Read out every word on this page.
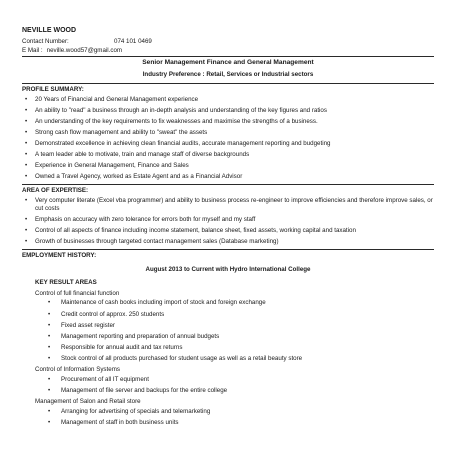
NEVILLE WOOD
Contact Number:	074 101 0469
E Mail : neville.wood57@gmail.com
Senior Management Finance and General Management
Industry Preference : Retail, Services or Industrial sectors
PROFILE SUMMARY:
• 20 Years of Financial and General Management experience
• An ability to "read" a business through an in-depth analysis and understanding of the key figures and ratios
• An understanding of the key requirements to fix weaknesses and maximise the strengths of a business.
• Strong cash flow management and ability to "sweat" the assets
• Demonstrated excellence in achieving clean financial audits, accurate management reporting and budgeting
• A team leader able to motivate, train and manage staff of diverse backgrounds
• Experience in General Management, Finance and Sales
• Owned a Travel Agency, worked as Estate Agent and as a Financial Advisor
AREA OF EXPERTISE:
• Very computer literate (Excel vba programmer) and ability to business process re-engineer to improve efficiencies and therefore improve sales, or cut costs
• Emphasis on accuracy with zero tolerance for errors both for myself and my staff
• Control of all aspects of finance including income statement, balance sheet, fixed assets, working capital and taxation
• Growth of businesses through targeted contact management sales (Database marketing)
EMPLOYMENT HISTORY:
August 2013 to Current with Hydro International College
KEY RESULT AREAS
Control of full financial function
• Maintenance of cash books including import of stock and foreign exchange
• Credit control of approx. 250 students
• Fixed asset register
• Management reporting and preparation of annual budgets
• Responsible for annual audit and tax returns
• Stock control of all products purchased for student usage as well as a retail beauty store
Control of Information Systems
• Procurement of all IT equipment
• Management of file server and backups for the entire college
Management of Salon and Retail store
• Arranging for advertising of specials and telemarketing
• Management of staff in both business units
